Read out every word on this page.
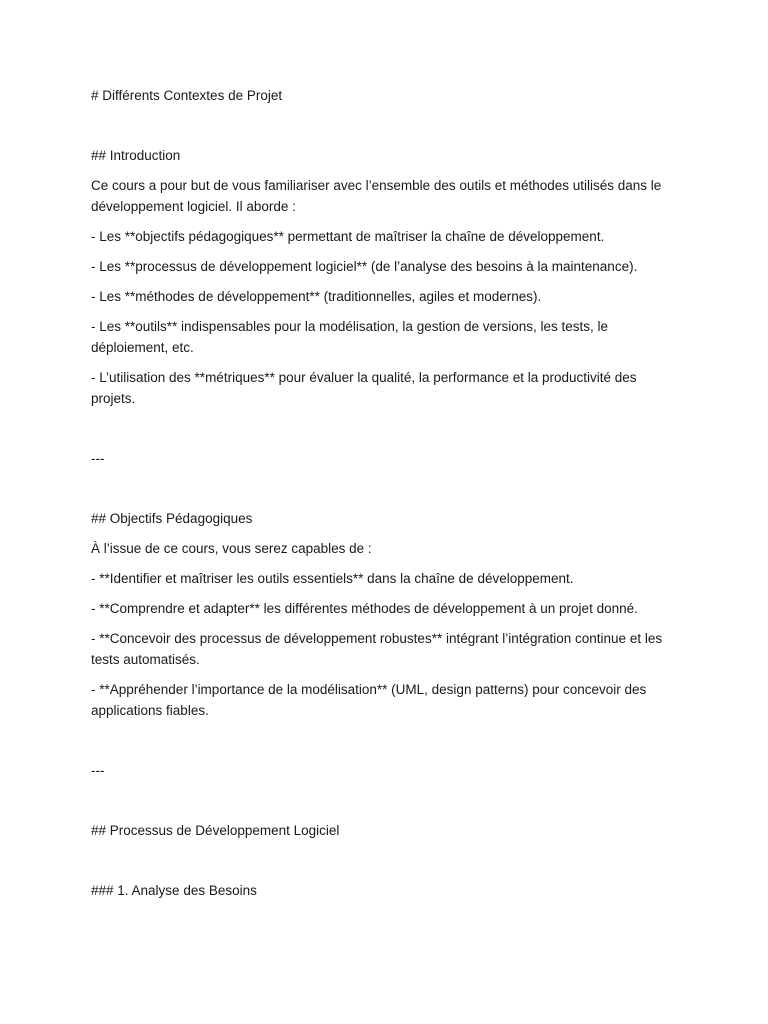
# Différents Contextes de Projet

## Introduction

Ce cours a pour but de vous familiariser avec l’ensemble des outils et méthodes utilisés dans le développement logiciel. Il aborde :

- Les **objectifs pédagogiques** permettant de maîtriser la chaîne de développement.

- Les **processus de développement logiciel** (de l’analyse des besoins à la maintenance).

- Les **méthodes de développement** (traditionnelles, agiles et modernes).

- Les **outils** indispensables pour la modélisation, la gestion de versions, les tests, le déploiement, etc.

- L’utilisation des **métriques** pour évaluer la qualité, la performance et la productivité des projets.

---

## Objectifs Pédagogiques

À l’issue de ce cours, vous serez capables de :

- **Identifier et maîtriser les outils essentiels** dans la chaîne de développement.

- **Comprendre et adapter** les différentes méthodes de développement à un projet donné.

- **Concevoir des processus de développement robustes** intégrant l’intégration continue et les tests automatisés.

- **Appréhender l’importance de la modélisation** (UML, design patterns) pour concevoir des applications fiables.

---

## Processus de Développement Logiciel

### 1. Analyse des Besoins
